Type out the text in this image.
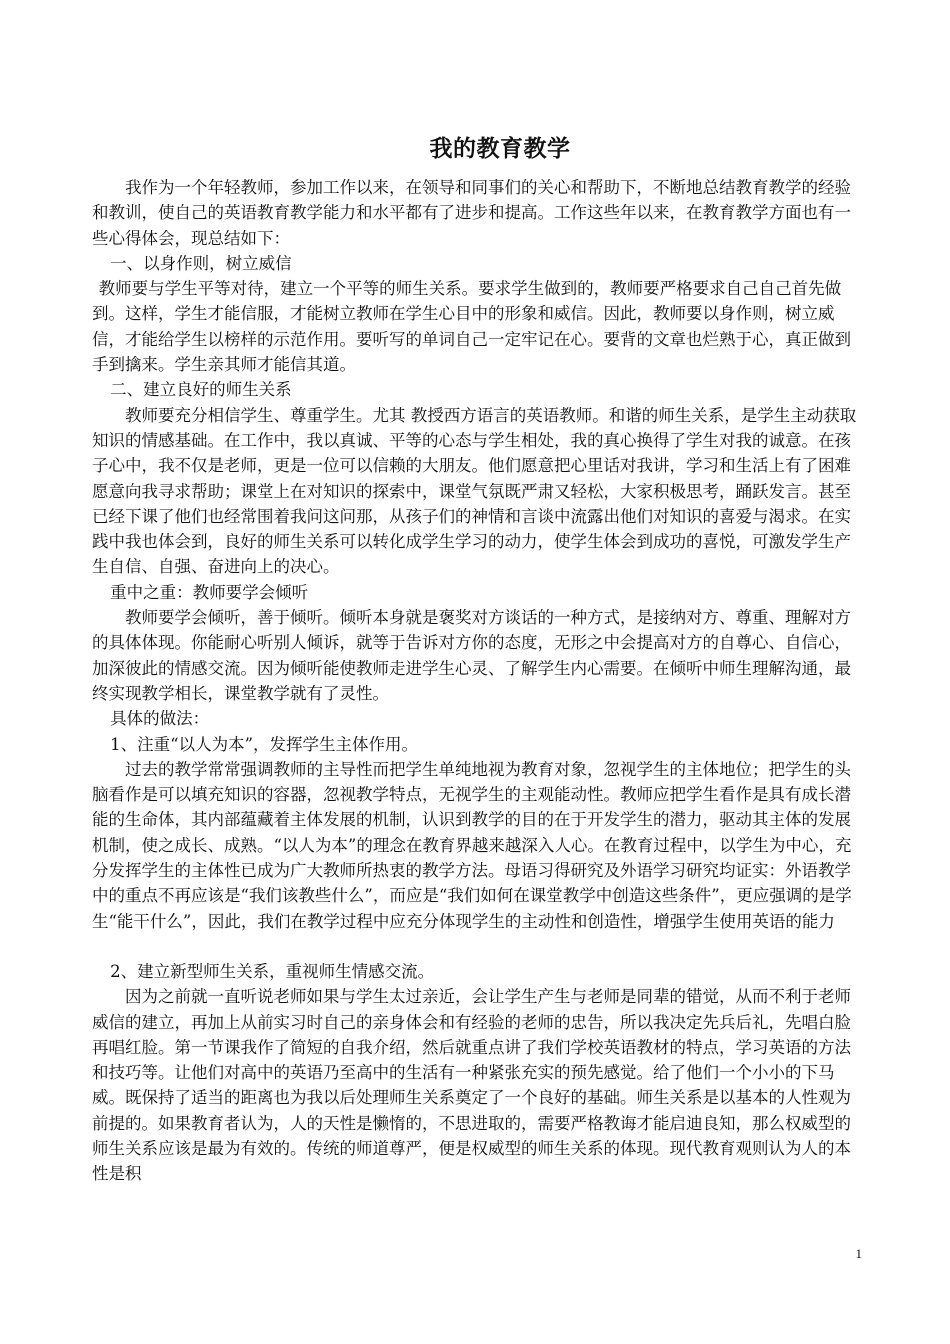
我的教育教学

我作为一个年轻教师，参加工作以来，在领导和同事们的关心和帮助下，不断地总结教育教学的经验和教训，使自己的英语教育教学能力和水平都有了进步和提高。工作这些年以来，在教育教学方面也有一些心得体会，现总结如下：

一、以身作则，树立威信

教师要与学生平等对待，建立一个平等的师生关系。要求学生做到的，教师要严格要求自己自己首先做到。这样，学生才能信服，才能树立教师在学生心目中的形象和威信。因此，教师要以身作则，树立威信，才能给学生以榜样的示范作用。要听写的单词自己一定牢记在心。要背的文章也烂熟于心，真正做到手到擒来。学生亲其师才能信其道。

二、建立良好的师生关系

教师要充分相信学生、尊重学生。尤其 教授西方语言的英语教师。和谐的师生关系，是学生主动获取知识的情感基础。在工作中，我以真诚、平等的心态与学生相处，我的真心换得了学生对我的诚意。在孩子心中，我不仅是老师，更是一位可以信赖的大朋友。他们愿意把心里话对我讲，学习和生活上有了困难愿意向我寻求帮助；课堂上在对知识的探索中，课堂气氛既严肃又轻松，大家积极思考，踊跃发言。甚至已经下课了他们也经常围着我问这问那，从孩子们的神情和言谈中流露出他们对知识的喜爱与渴求。在实践中我也体会到，良好的师生关系可以转化成学生学习的动力，使学生体会到成功的喜悦，可激发学生产生自信、自强、奋进向上的决心。

重中之重：教师要学会倾听

教师要学会倾听，善于倾听。倾听本身就是褒奖对方谈话的一种方式，是接纳对方、尊重、理解对方的具体体现。你能耐心听别人倾诉，就等于告诉对方你的态度，无形之中会提高对方的自尊心、自信心，加深彼此的情感交流。因为倾听能使教师走进学生心灵、了解学生内心需要。在倾听中师生理解沟通，最终实现教学相长，课堂教学就有了灵性。

具体的做法：

1、注重“以人为本”，发挥学生主体作用。

过去的教学常常强调教师的主导性而把学生单纯地视为教育对象，忽视学生的主体地位；把学生的头脑看作是可以填充知识的容器，忽视教学特点，无视学生的主观能动性。教师应把学生看作是具有成长潜能的生命体，其内部蕴藏着主体发展的机制，认识到教学的目的在于开发学生的潜力，驱动其主体的发展机制，使之成长、成熟。“以人为本”的理念在教育界越来越深入人心。在教育过程中，以学生为中心，充分发挥学生的主体性已成为广大教师所热衷的教学方法。母语习得研究及外语学习研究均证实：外语教学中的重点不再应该是“我们该教些什么”，而应是“我们如何在课堂教学中创造这些条件”，更应强调的是学生“能干什么”，因此，我们在教学过程中应充分体现学生的主动性和创造性，增强学生使用英语的能力

2、建立新型师生关系，重视师生情感交流。

因为之前就一直听说老师如果与学生太过亲近，会让学生产生与老师是同辈的错觉，从而不利于老师威信的建立，再加上从前实习时自己的亲身体会和有经验的老师的忠告，所以我决定先兵后礼，先唱白脸再唱红脸。第一节课我作了简短的自我介绍，然后就重点讲了我们学校英语教材的特点，学习英语的方法和技巧等。让他们对高中的英语乃至高中的生活有一种紧张充实的预先感觉。给了他们一个小小的下马威。既保持了适当的距离也为我以后处理师生关系奠定了一个良好的基础。师生关系是以基本的人性观为前提的。如果教育者认为，人的天性是懒惰的，不思进取的，需要严格教诲才能启迪良知，那么权威型的师生关系应该是最为有效的。传统的师道尊严，便是权威型的师生关系的体现。现代教育观则认为人的本性是积

1
